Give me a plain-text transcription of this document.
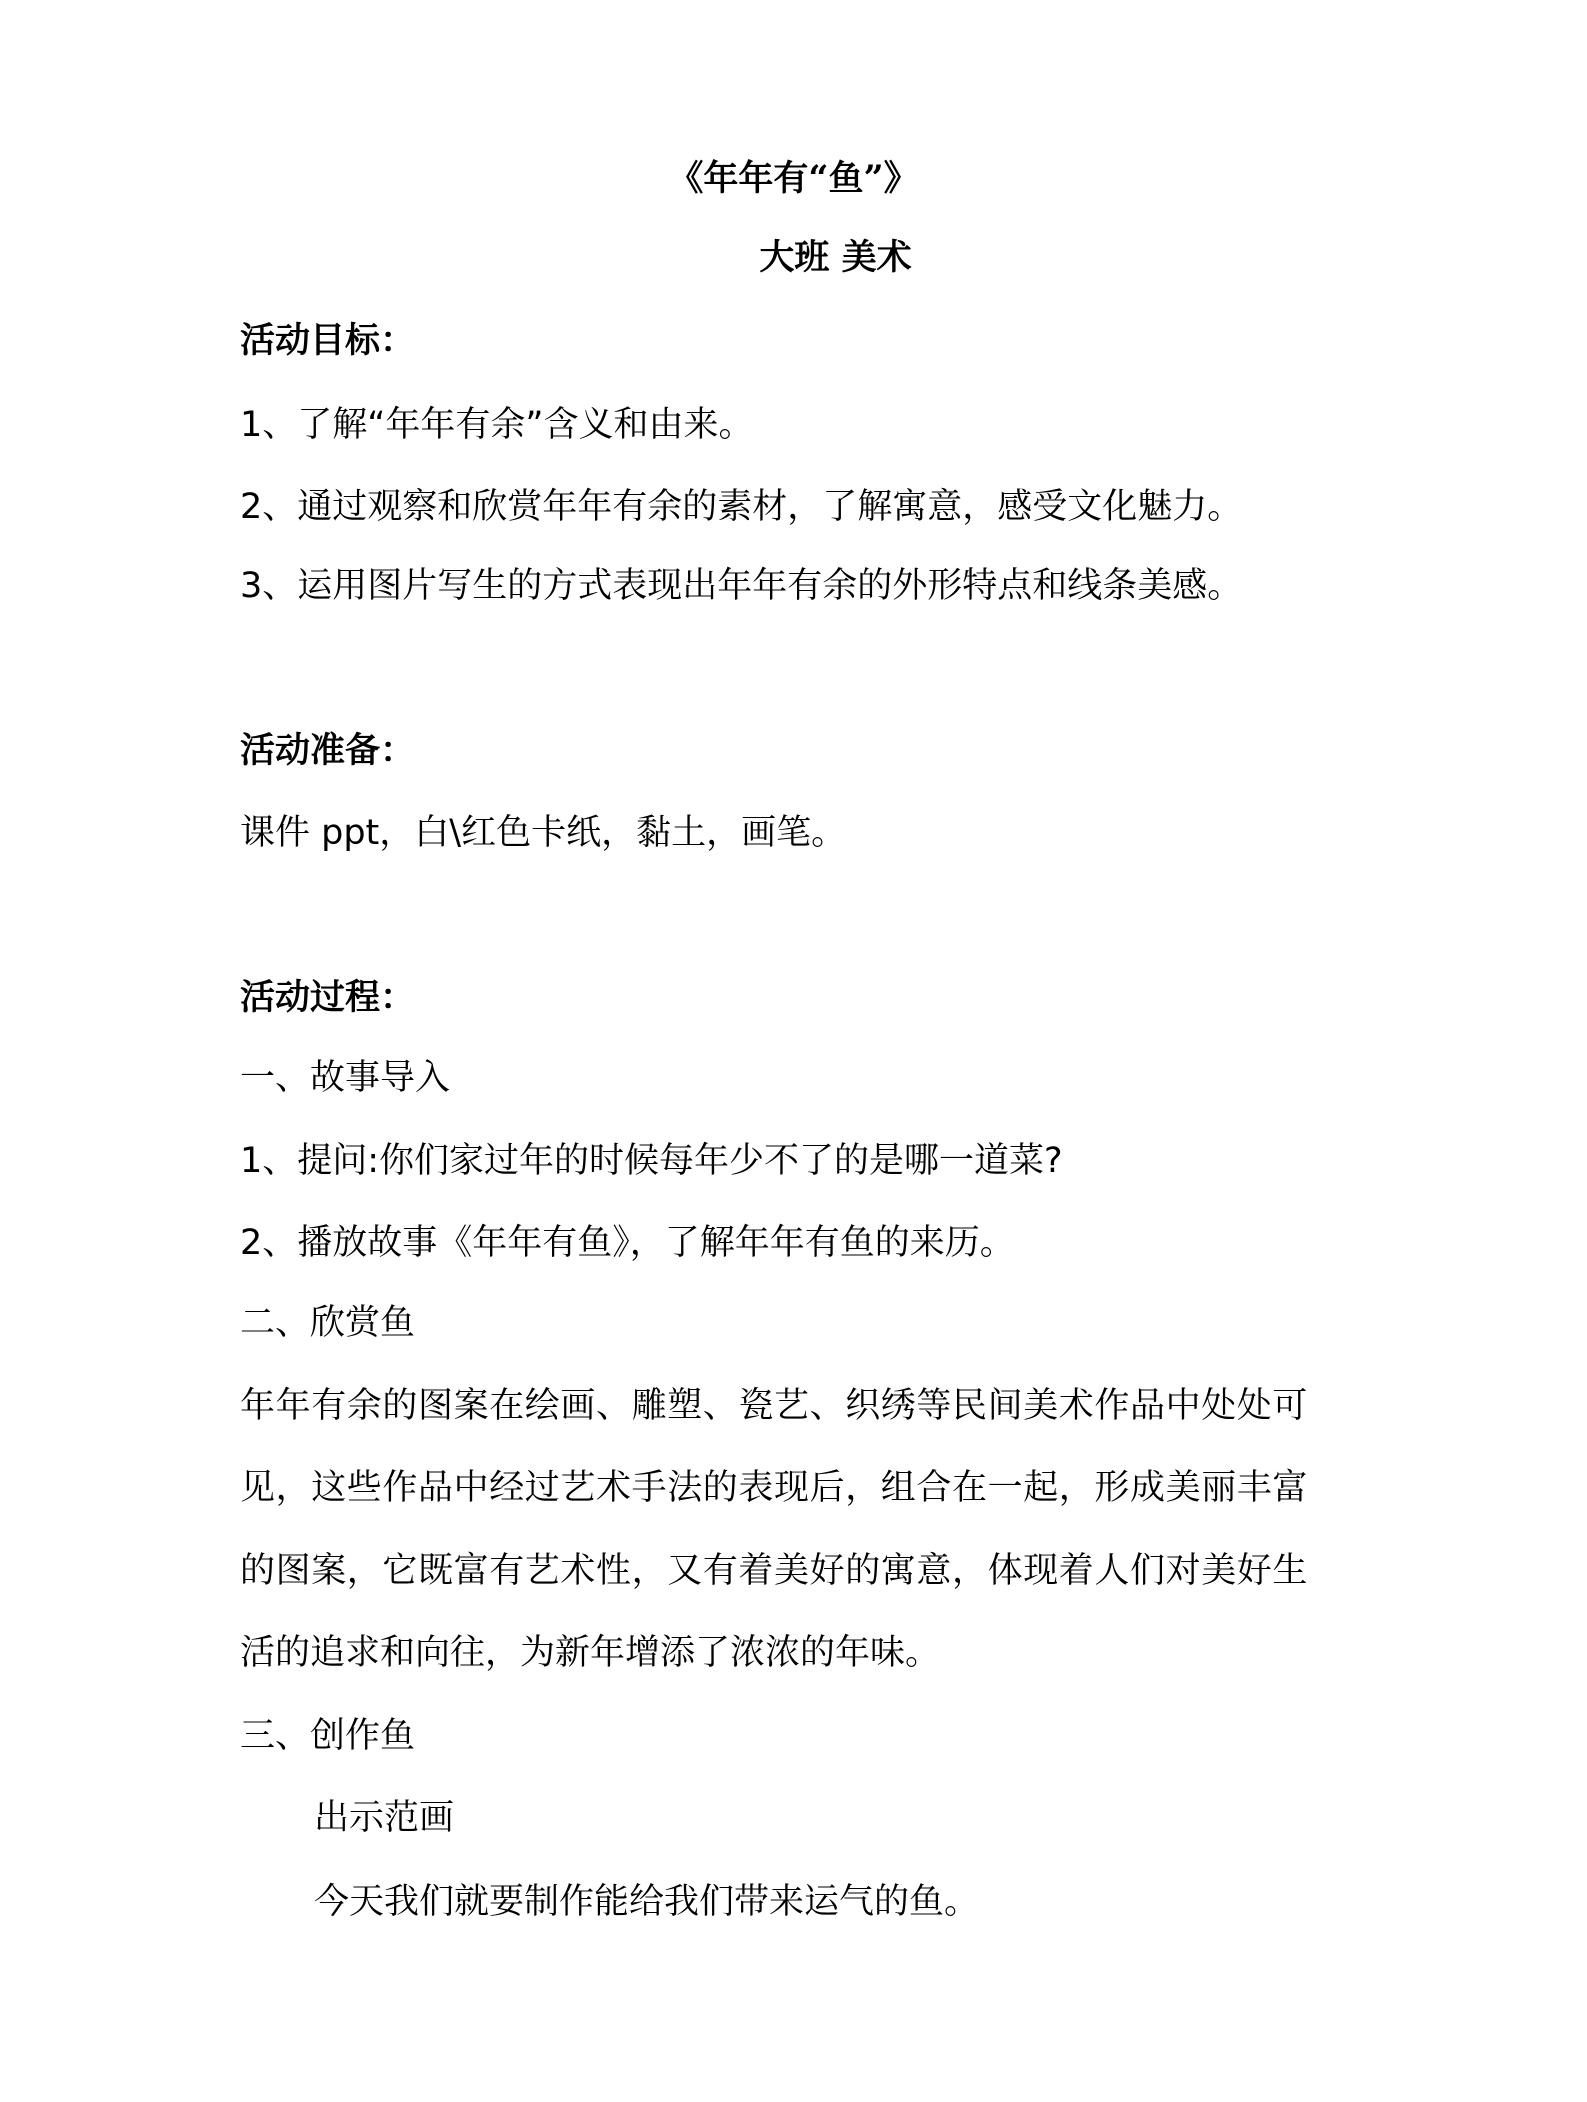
《年年有“鱼”》
大班 美术
活动目标：
1、了解“年年有余”含义和由来。
2、通过观察和欣赏年年有余的素材，了解寓意，感受文化魅力。
3、运用图片写生的方式表现出年年有余的外形特点和线条美感。
活动准备：
课件 ppt，白\红色卡纸，黏土，画笔。
活动过程：
一、故事导入
1、提问:你们家过年的时候每年少不了的是哪一道菜?
2、播放故事《年年有鱼》，了解年年有鱼的来历。
二、欣赏鱼
年年有余的图案在绘画、雕塑、瓷艺、织绣等民间美术作品中处处可
见，这些作品中经过艺术手法的表现后，组合在一起，形成美丽丰富
的图案，它既富有艺术性，又有着美好的寓意，体现着人们对美好生
活的追求和向往，为新年增添了浓浓的年味。
三、创作鱼
出示范画
今天我们就要制作能给我们带来运气的鱼。
